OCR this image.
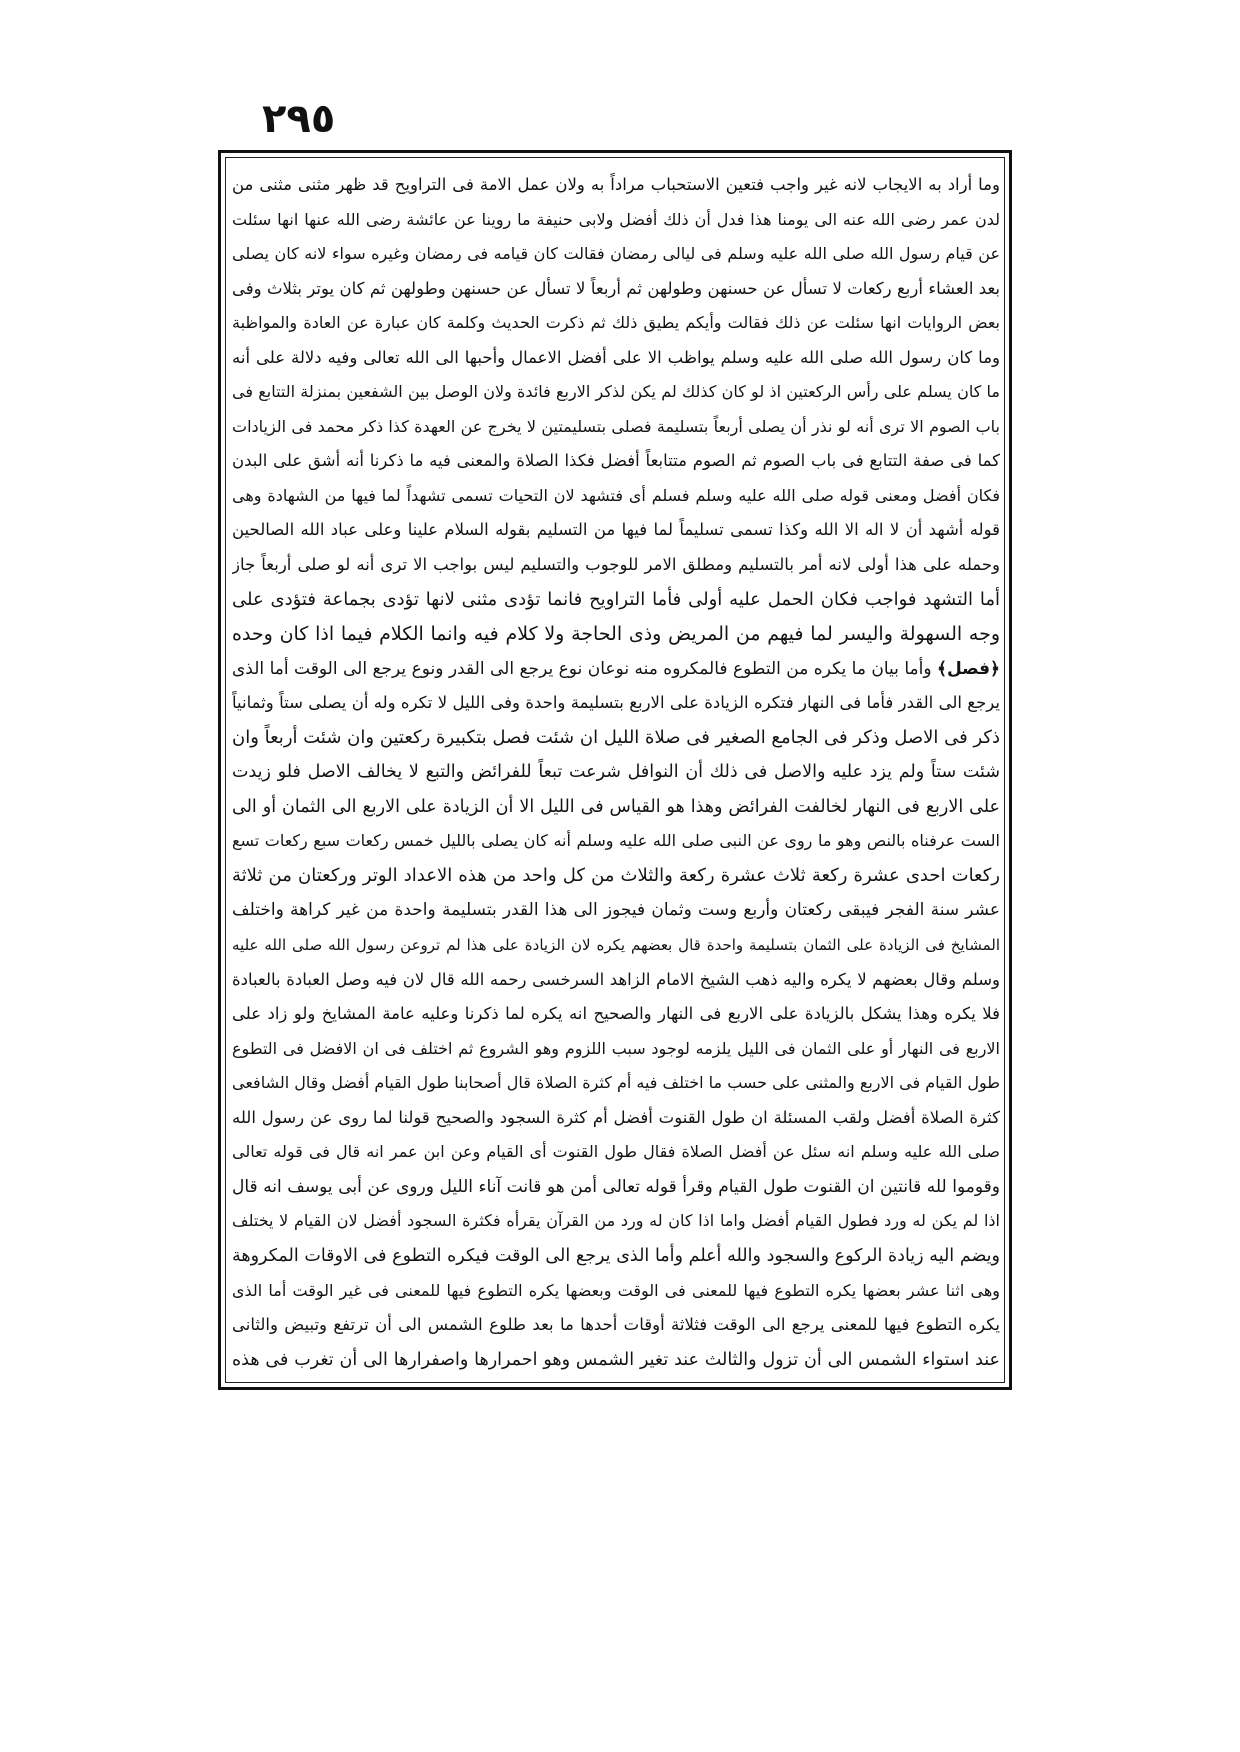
٢٩٥
وما أراد به الايجاب لانه غير واجب فتعين الاستحباب مراداً به ولان عمل الامة فى التراويح قد ظهر مثنى مثنى من
لدن عمر رضى الله عنه الى يومنا هذا فدل أن ذلك أفضل ولابى حنيفة ما روينا عن عائشة رضى الله عنها انها سئلت
عن قيام رسول الله صلى الله عليه وسلم فى ليالى رمضان فقالت كان قيامه فى رمضان وغيره سواء لانه كان يصلى
بعد العشاء أربع ركعات لا تسأل عن حسنهن وطولهن ثم أربعاً لا تسأل عن حسنهن وطولهن ثم كان يوتر بثلاث وفى
بعض الروايات انها سئلت عن ذلك فقالت وأيكم يطيق ذلك ثم ذكرت الحديث وكلمة كان عبارة عن العادة والمواظبة
وما كان رسول الله صلى الله عليه وسلم يواظب الا على أفضل الاعمال وأحبها الى الله تعالى وفيه دلالة على أنه
ما كان يسلم على رأس الركعتين اذ لو كان كذلك لم يكن لذكر الاربع فائدة ولان الوصل بين الشفعين بمنزلة التتابع فى
باب الصوم الا ترى أنه لو نذر أن يصلى أربعاً بتسليمة فصلى بتسليمتين لا يخرج عن العهدة كذا ذكر محمد فى الزيادات
كما فى صفة التتابع فى باب الصوم ثم الصوم متتابعاً أفضل فكذا الصلاة والمعنى فيه ما ذكرنا أنه أشق على البدن
فكان أفضل ومعنى قوله صلى الله عليه وسلم فسلم أى فتشهد لان التحيات تسمى تشهداً لما فيها من الشهادة وهى
قوله أشهد أن لا اله الا الله وكذا تسمى تسليماً لما فيها من التسليم بقوله السلام علينا وعلى عباد الله الصالحين
وحمله على هذا أولى لانه أمر بالتسليم ومطلق الامر للوجوب والتسليم ليس بواجب الا ترى أنه لو صلى أربعاً جاز
أما التشهد فواجب فكان الحمل عليه أولى فأما التراويح فانما تؤدى مثنى لانها تؤدى بجماعة فتؤدى على
وجه السهولة واليسر لما فيهم من المريض وذى الحاجة ولا كلام فيه وانما الكلام فيما اذا كان وحده
﴿فصل﴾ وأما بيان ما يكره من التطوع فالمكروه منه نوعان نوع يرجع الى القدر ونوع يرجع الى الوقت أما الذى
يرجع الى القدر فأما فى النهار فتكره الزيادة على الاربع بتسليمة واحدة وفى الليل لا تكره وله أن يصلى ستاً وثمانياً
ذكر فى الاصل وذكر فى الجامع الصغير فى صلاة الليل ان شئت فصل بتكبيرة ركعتين وان شئت أربعاً وان
شئت ستاً ولم يزد عليه والاصل فى ذلك أن النوافل شرعت تبعاً للفرائض والتبع لا يخالف الاصل فلو زيدت
على الاربع فى النهار لخالفت الفرائض وهذا هو القياس فى الليل الا أن الزيادة على الاربع الى الثمان أو الى
الست عرفناه بالنص وهو ما روى عن النبى صلى الله عليه وسلم أنه كان يصلى بالليل خمس ركعات سبع ركعات تسع
ركعات احدى عشرة ركعة ثلاث عشرة ركعة والثلاث من كل واحد من هذه الاعداد الوتر وركعتان من ثلاثة
عشر سنة الفجر فيبقى ركعتان وأربع وست وثمان فيجوز الى هذا القدر بتسليمة واحدة من غير كراهة واختلف
المشايخ فى الزيادة على الثمان بتسليمة واحدة قال بعضهم يكره لان الزيادة على هذا لم تروعن رسول الله صلى الله عليه
وسلم وقال بعضهم لا يكره واليه ذهب الشيخ الامام الزاهد السرخسى رحمه الله قال لان فيه وصل العبادة بالعبادة
فلا يكره وهذا يشكل بالزيادة على الاربع فى النهار والصحيح انه يكره لما ذكرنا وعليه عامة المشايخ ولو زاد على
الاربع فى النهار أو على الثمان فى الليل يلزمه لوجود سبب اللزوم وهو الشروع ثم اختلف فى ان الافضل فى التطوع
طول القيام فى الاربع والمثنى على حسب ما اختلف فيه أم كثرة الصلاة قال أصحابنا طول القيام أفضل وقال الشافعى
كثرة الصلاة أفضل ولقب المسئلة ان طول القنوت أفضل أم كثرة السجود والصحيح قولنا لما روى عن رسول الله
صلى الله عليه وسلم انه سئل عن أفضل الصلاة فقال طول القنوت أى القيام وعن ابن عمر انه قال فى قوله تعالى
وقوموا لله قانتين ان القنوت طول القيام وقرأ قوله تعالى أمن هو قانت آناء الليل وروى عن أبى يوسف انه قال
اذا لم يكن له ورد فطول القيام أفضل واما اذا كان له ورد من القرآن يقرأه فكثرة السجود أفضل لان القيام لا يختلف
ويضم اليه زيادة الركوع والسجود والله أعلم وأما الذى يرجع الى الوقت فيكره التطوع فى الاوقات المكروهة
وهى اثنا عشر بعضها يكره التطوع فيها للمعنى فى الوقت وبعضها يكره التطوع فيها للمعنى فى غير الوقت أما الذى
يكره التطوع فيها للمعنى يرجع الى الوقت فثلاثة أوقات أحدها ما بعد طلوع الشمس الى أن ترتفع وتبيض والثانى
عند استواء الشمس الى أن تزول والثالث عند تغير الشمس وهو احمرارها واصفرارها الى أن تغرب فى هذه
